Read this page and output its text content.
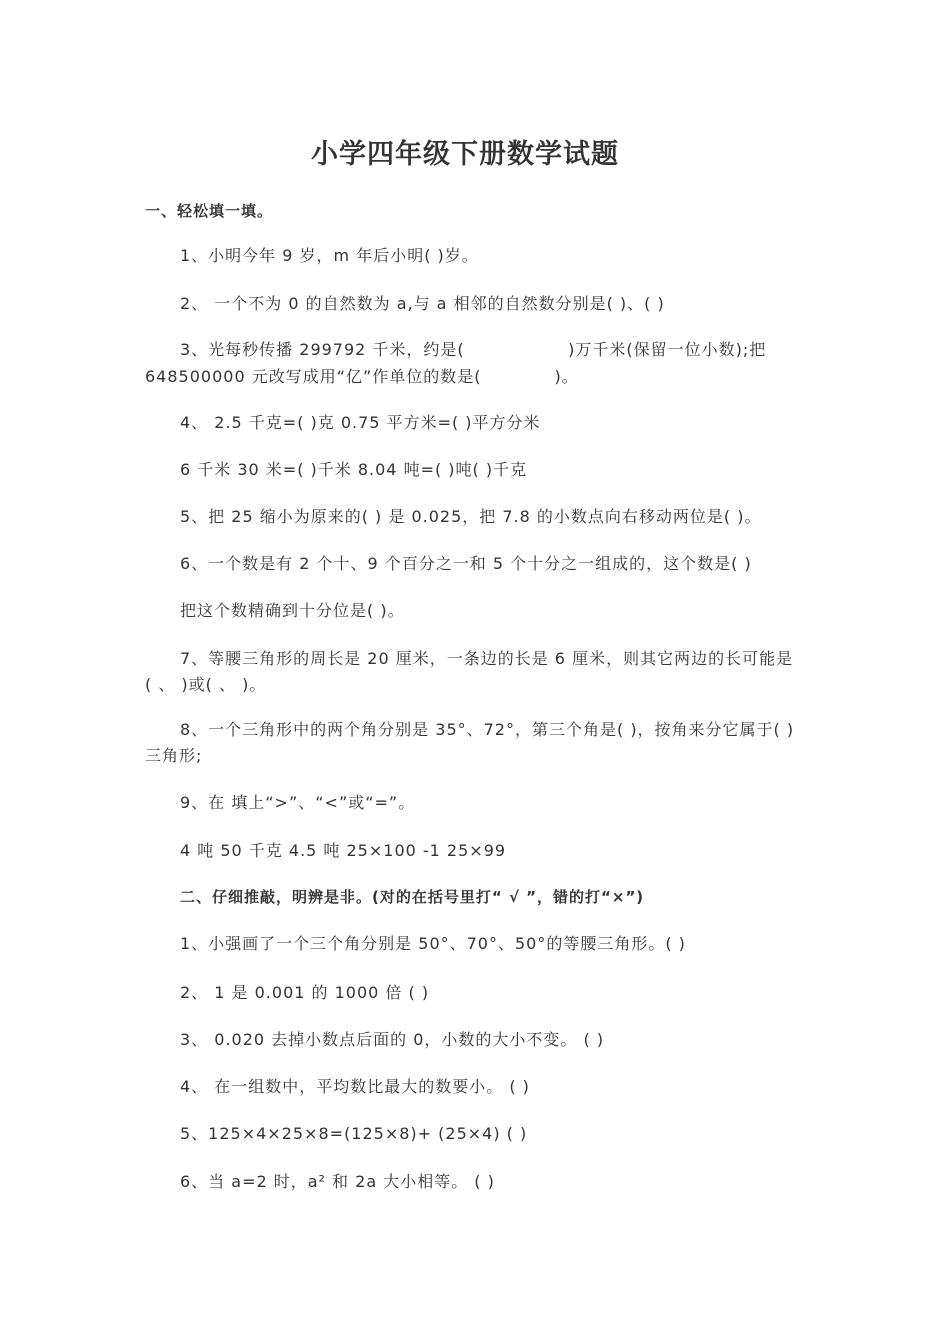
小学四年级下册数学试题
一、轻松填一填。
1、小明今年 9 岁，m 年后小明( )岁。
2、 一个不为 0 的自然数为 a,与 a 相邻的自然数分别是( )、( )
3、光每秒传播 299792 千米，约是(                 )万千米(保留一位小数);把
648500000 元改写成用“亿”作单位的数是(            )。
4、 2.5 千克=( )克 0.75 平方米=( )平方分米
6 千米 30 米=( )千米 8.04 吨=( )吨( )千克
5、把 25 缩小为原来的( ) 是 0.025，把 7.8 的小数点向右移动两位是( )。
6、一个数是有 2 个十、9 个百分之一和 5 个十分之一组成的，这个数是( )
把这个数精确到十分位是( )。
7、等腰三角形的周长是 20 厘米，一条边的长是 6 厘米，则其它两边的长可能是
( 、 )或( 、 )。
8、一个三角形中的两个角分别是 35°、72°，第三个角是( )，按角来分它属于( )
三角形;
9、在 填上“>”、“<”或“=”。
4 吨 50 千克 4.5 吨 25×100 -1 25×99
二、仔细推敲，明辨是非。(对的在括号里打“ √ ”，错的打“×”)
1、小强画了一个三个角分别是 50°、70°、50°的等腰三角形。( )
2、 1 是 0.001 的 1000 倍 ( )
3、 0.020 去掉小数点后面的 0，小数的大小不变。 ( )
4、 在一组数中，平均数比最大的数要小。 ( )
5、125×4×25×8=(125×8)+ (25×4) ( )
6、当 a=2 时，a² 和 2a 大小相等。 ( )
